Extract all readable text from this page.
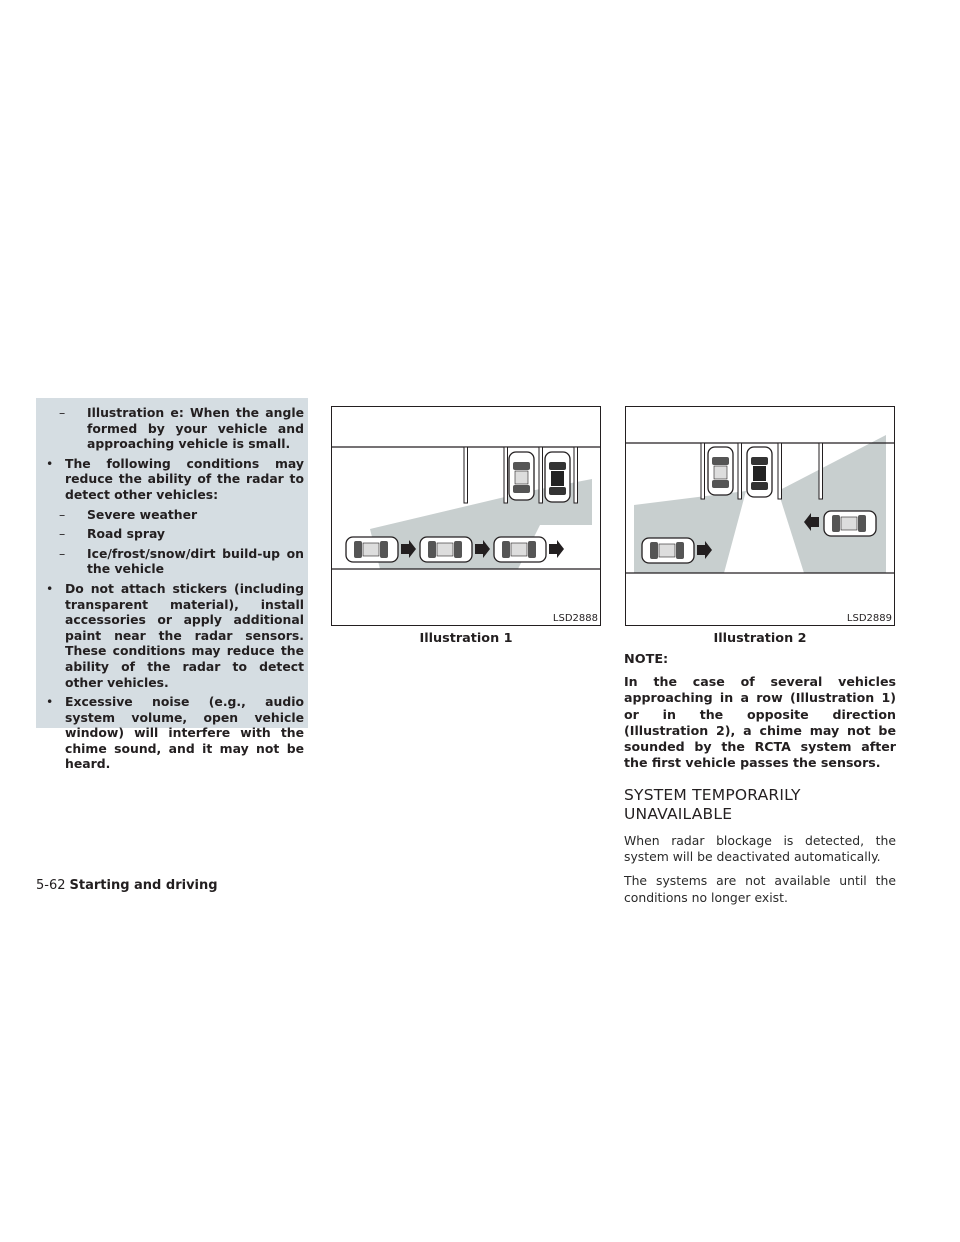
–	Illustration e: When the angle formed by your vehicle and approaching vehicle is small.
• The following conditions may reduce the ability of the radar to detect other vehicles:
–	Severe weather
–	Road spray
–	Ice/frost/snow/dirt build-up on the vehicle
• Do not attach stickers (including transparent material), install accessories or apply additional paint near the radar sensors. These conditions may reduce the ability of the radar to detect other vehicles.
• Excessive noise (e.g., audio system volume, open vehicle window) will interfere with the chime sound, and it may not be heard.
LSD2888
Illustration 1
LSD2889
Illustration 2

NOTE:

In the case of several vehicles approaching in a row (Illustration 1) or in the opposite direction (Illustration 2), a chime may not be sounded by the RCTA system after the first vehicle passes the sensors.

SYSTEM TEMPORARILY
UNAVAILABLE

When radar blockage is detected, the system will be deactivated automatically.

The systems are not available until the conditions no longer exist.

5-62 Starting and driving
